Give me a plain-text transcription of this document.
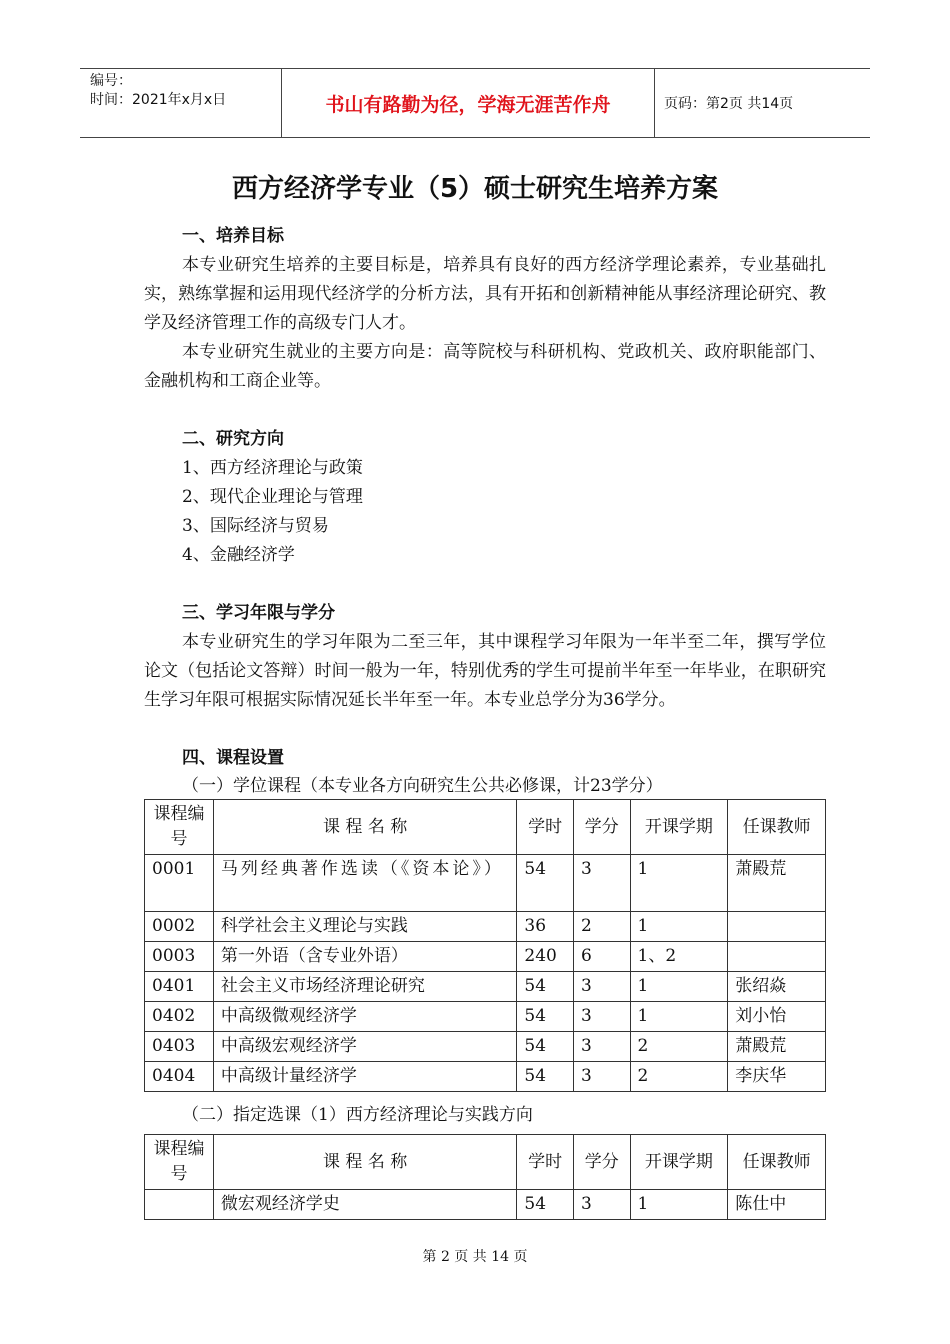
编号：
时间：2021年x月x日	书山有路勤为径，学海无涯苦作舟	页码：第2页 共14页
西方经济学专业（5）硕士研究生培养方案
一、培养目标

本专业研究生培养的主要目标是，培养具有良好的西方经济学理论素养，专业基础扎实，熟练掌握和运用现代经济学的分析方法，具有开拓和创新精神能从事经济理论研究、教学及经济管理工作的高级专门人才。

本专业研究生就业的主要方向是：高等院校与科研机构、党政机关、政府职能部门、金融机构和工商企业等。

二、研究方向
1、西方经济理论与政策
2、现代企业理论与管理
3、国际经济与贸易
4、金融经济学
三、学习年限与学分

本专业研究生的学习年限为二至三年，其中课程学习年限为一年半至二年，撰写学位论文（包括论文答辩）时间一般为一年，特别优秀的学生可提前半年至一年毕业，在职研究生学习年限可根据实际情况延长半年至一年。本专业总学分为36学分。

四、课程设置
（一）学位课程（本专业各方向研究生公共必修课，计23学分）
课程编号	课 程 名 称	学时	学分	开课学期	任课教师
0001	马列经典著作选读（《资本论》）	54	3	1	萧殿荒
0002	科学社会主义理论与实践	36	2	1	
0003	第一外语（含专业外语）	240	6	1、2	
0401	社会主义市场经济理论研究	54	3	1	张绍焱
0402	中高级微观经济学	54	3	1	刘小怡
0403	中高级宏观经济学	54	3	2	萧殿荒
0404	中高级计量经济学	54	3	2	李庆华
（二）指定选课（1）西方经济理论与实践方向
课程编号	课 程 名 称	学时	学分	开课学期	任课教师
	微宏观经济学史	54	3	1	陈仕中
第 2 页 共 14 页
